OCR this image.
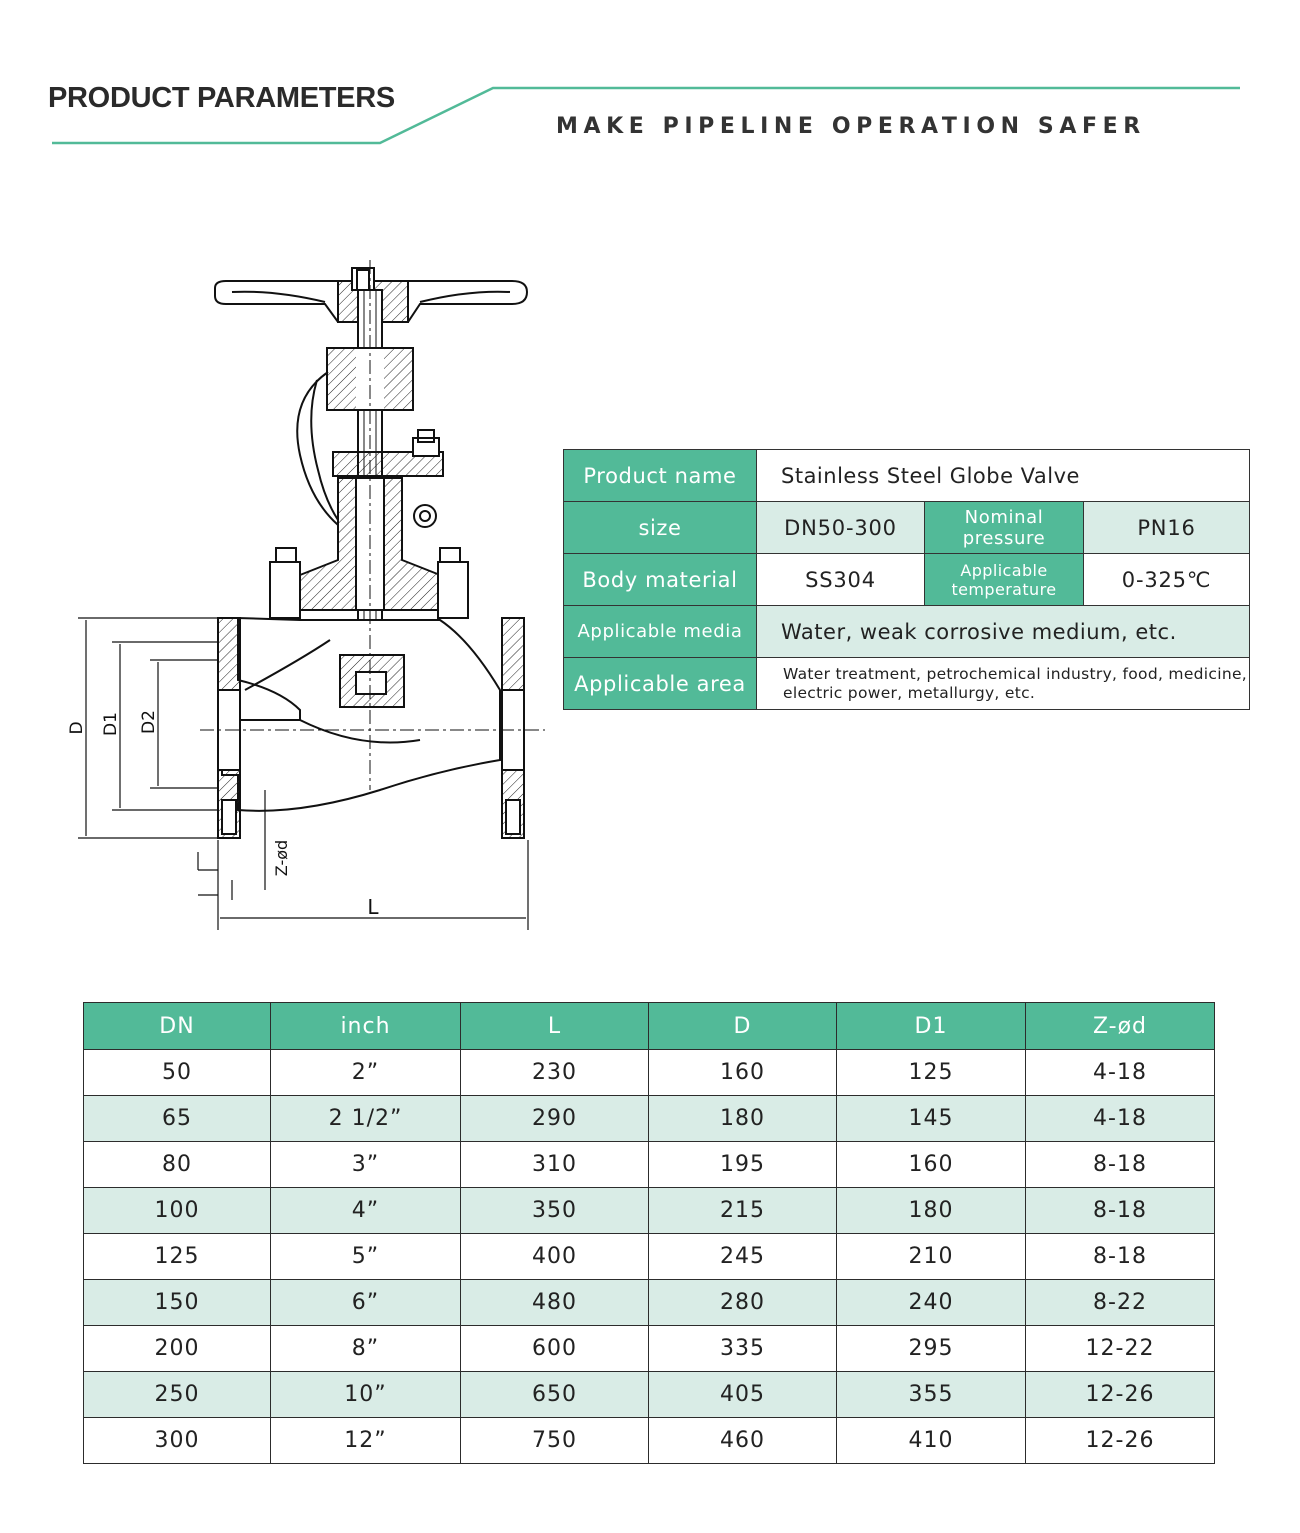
PRODUCT PARAMETERS
MAKE PIPELINE OPERATION SAFER
D D1 D2
Z-ød
L
Product name	Stainless Steel Globe Valve		
size	DN50-300	Nominal pressure	PN16
Body material	SS304	Applicable temperature	0-325℃
Applicable media	Water, weak corrosive medium, etc.		
Applicable area	Water treatment, petrochemical industry, food, medicine, electric power, metallurgy, etc.		
DN	inch	L	D	D1	Z-ød
50	2”	230	160	125	4-18
65	2 1/2”	290	180	145	4-18
80	3”	310	195	160	8-18
100	4”	350	215	180	8-18
125	5”	400	245	210	8-18
150	6”	480	280	240	8-22
200	8”	600	335	295	12-22
250	10”	650	405	355	12-26
300	12”	750	460	410	12-26
